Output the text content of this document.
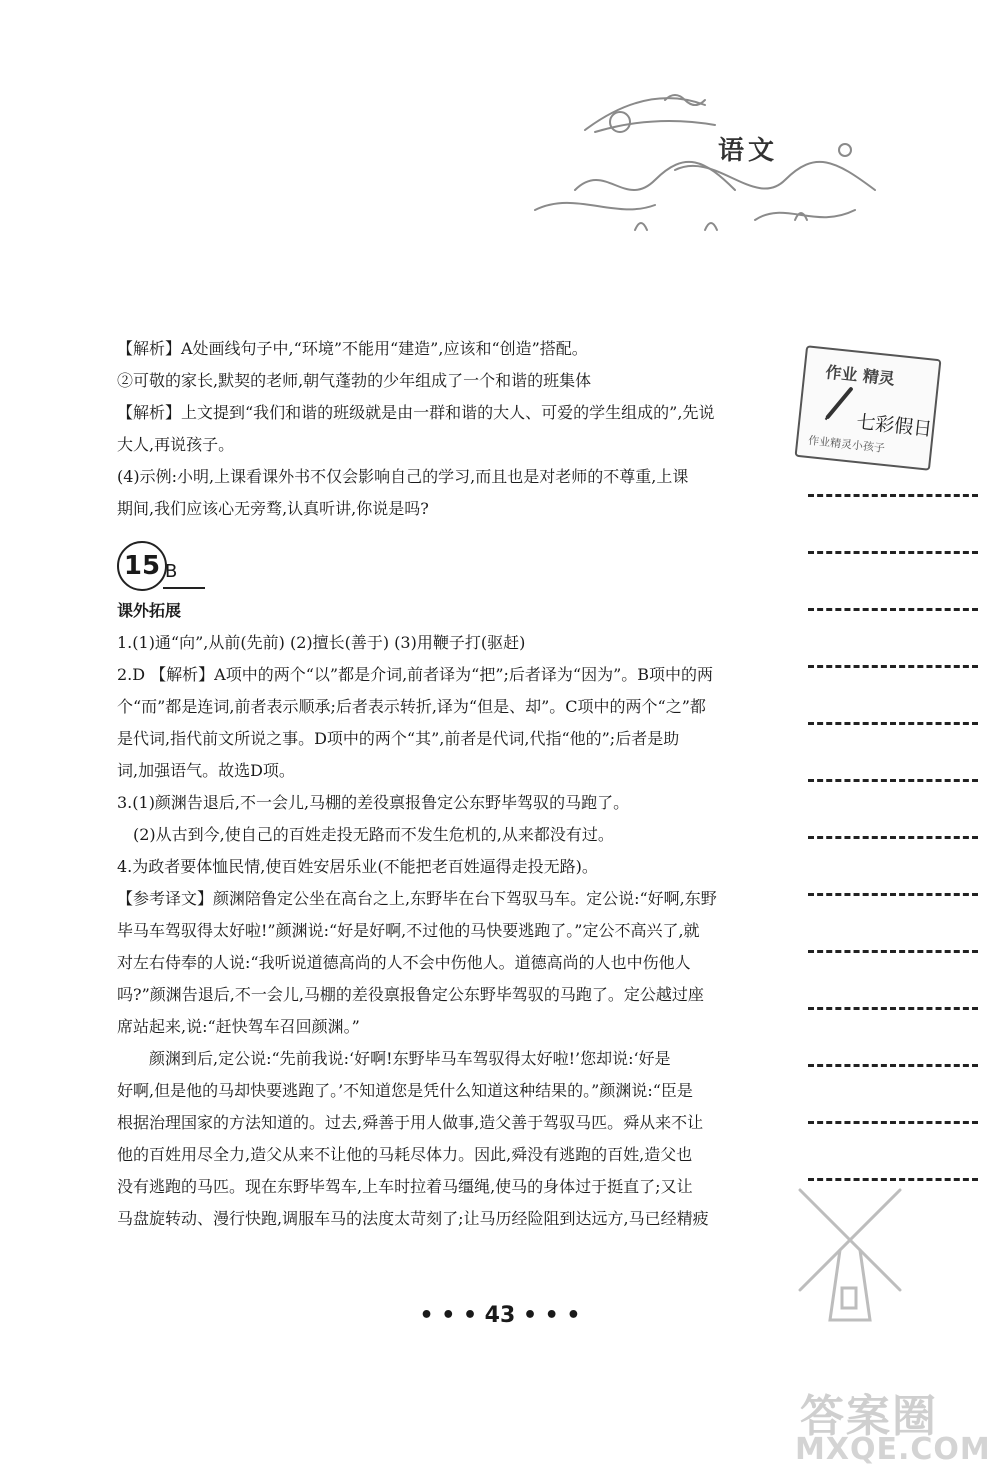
语文
作业 精灵
七彩假日
作业精灵小孩子

【解析】A处画线句子中,“环境”不能用“建造”,应该和“创造”搭配。

②可敬的家长,默契的老师,朝气蓬勃的少年组成了一个和谐的班集体

【解析】上文提到“我们和谐的班级就是由一群和谐的大人、可爱的学生组成的”,先说

大人,再说孩子。

(4)示例:小明,上课看课外书不仅会影响自己的学习,而且也是对老师的不尊重,上课

期间,我们应该心无旁骛,认真听讲,你说是吗?

15 B
课外拓展

1.(1)通“向”,从前(先前) (2)擅长(善于) (3)用鞭子打(驱赶)

2.D 【解析】A项中的两个“以”都是介词,前者译为“把”;后者译为“因为”。B项中的两

个“而”都是连词,前者表示顺承;后者表示转折,译为“但是、却”。C项中的两个“之”都

是代词,指代前文所说之事。D项中的两个“其”,前者是代词,代指“他的”;后者是助

词,加强语气。故选D项。

3.(1)颜渊告退后,不一会儿,马棚的差役禀报鲁定公东野毕驾驭的马跑了。

(2)从古到今,使自己的百姓走投无路而不发生危机的,从来都没有过。

4.为政者要体恤民情,使百姓安居乐业(不能把老百姓逼得走投无路)。

【参考译文】颜渊陪鲁定公坐在高台之上,东野毕在台下驾驭马车。定公说:“好啊,东野

毕马车驾驭得太好啦!”颜渊说:“好是好啊,不过他的马快要逃跑了。”定公不高兴了,就

对左右侍奉的人说:“我听说道德高尚的人不会中伤他人。道德高尚的人也中伤他人

吗?”颜渊告退后,不一会儿,马棚的差役禀报鲁定公东野毕驾驭的马跑了。定公越过座

席站起来,说:“赶快驾车召回颜渊。”

颜渊到后,定公说:“先前我说:‘好啊!东野毕马车驾驭得太好啦!’您却说:‘好是

好啊,但是他的马却快要逃跑了。’不知道您是凭什么知道这种结果的。”颜渊说:“臣是

根据治理国家的方法知道的。过去,舜善于用人做事,造父善于驾驭马匹。舜从来不让

他的百姓用尽全力,造父从来不让他的马耗尽体力。因此,舜没有逃跑的百姓,造父也

没有逃跑的马匹。现在东野毕驾车,上车时拉着马缰绳,使马的身体过于挺直了;又让

马盘旋转动、漫行快跑,调服车马的法度太苛刻了;让马历经险阻到达远方,马已经精疲

• • • 43 • • •
答案圈
MXQE.COM
